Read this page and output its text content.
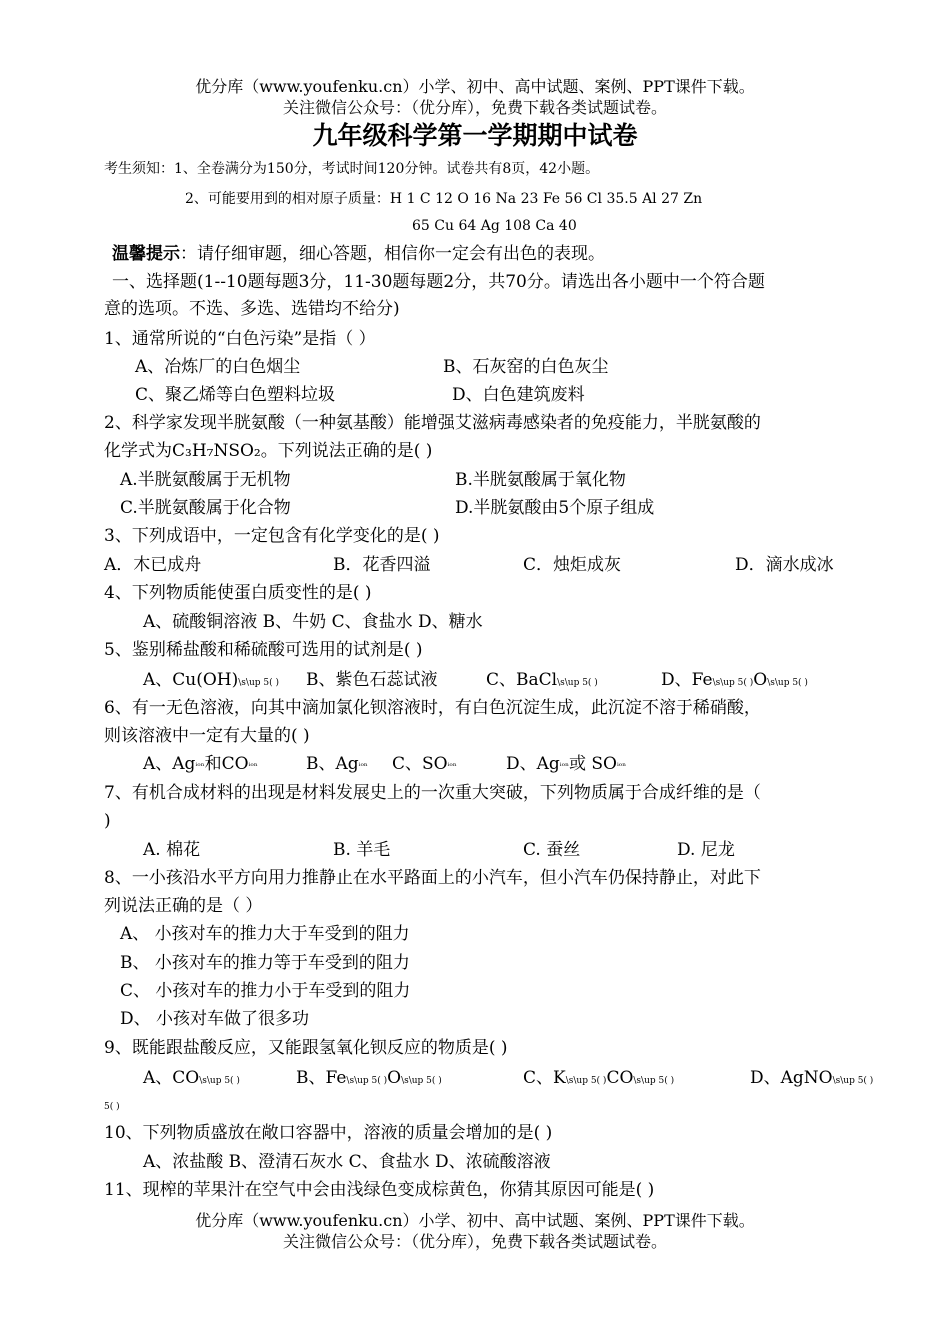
优分库（www.youfenku.cn）小学、初中、高中试题、案例、PPT课件下载。
关注微信公众号：（优分库），免费下载各类试题试卷。
九年级科学第一学期期中试卷
考生须知：1、全卷满分为150分，考试时间120分钟。试卷共有8页，42小题。
2、可能要用到的相对原子质量：H 1 C 12 O 16 Na 23 Fe 56 Cl 35.5 Al 27 Zn
65 Cu 64 Ag 108 Ca 40
温馨提示：请仔细审题，细心答题，相信你一定会有出色的表现。
一、选择题(1--10题每题3分，11-30题每题2分，共70分。请选出各小题中一个符合题
意的选项。不选、多选、选错均不给分)
1、通常所说的“白色污染”是指（ ）
A、冶炼厂的白色烟尘	B、石灰窑的白色灰尘
C、聚乙烯等白色塑料垃圾	D、白色建筑废料
2、科学家发现半胱氨酸（一种氨基酸）能增强艾滋病毒感染者的免疫能力，半胱氨酸的
化学式为C₃H₇NSO₂。下列说法正确的是( )
A.半胱氨酸属于无机物	B.半胱氨酸属于氧化物
C.半胱氨酸属于化合物	D.半胱氨酸由5个原子组成
3、下列成语中，一定包含有化学变化的是( )
A．木已成舟	B．花香四溢	C．烛炬成灰	D．滴水成冰
4、下列物质能使蛋白质变性的是( )
A、硫酸铜溶液 B、牛奶 C、食盐水 D、糖水
5、鉴别稀盐酸和稀硫酸可选用的试剂是( )
A、Cu(OH)\s\up 5( ) B、紫色石蕊试液	C、BaCl\s\up 5( )	D、Fe\s\up 5( )O\s\up 5( )
6、有一无色溶液，向其中滴加氯化钡溶液时，有白色沉淀生成，此沉淀不溶于稀硝酸，
则该溶液中一定有大量的( )
A、Agⁱᵒⁿ和COⁱᵒⁿ	B、Agⁱᵒⁿ C、SOⁱᵒⁿ	D、Agⁱᵒⁿ或 SOⁱᵒⁿ
7、有机合成材料的出现是材料发展史上的一次重大突破，下列物质属于合成纤维的是（
)
A. 棉花	B. 羊毛	C. 蚕丝	D. 尼龙
8、一小孩沿水平方向用力推静止在水平路面上的小汽车，但小汽车仍保持静止，对此下
列说法正确的是（ ）
A、 小孩对车的推力大于车受到的阻力
B、 小孩对车的推力等于车受到的阻力
C、 小孩对车的推力小于车受到的阻力
D、 小孩对车做了很多功
9、既能跟盐酸反应，又能跟氢氧化钡反应的物质是( )
A、CO\s\up 5( )	B、Fe\s\up 5( )O\s\up 5( )	C、K\s\up 5( )CO\s\up 5( )	D、AgNO\s\up 5( )
5( )
10、下列物质盛放在敞口容器中，溶液的质量会增加的是( )
A、浓盐酸 B、澄清石灰水 C、食盐水 D、浓硫酸溶液
11、现榨的苹果汁在空气中会由浅绿色变成棕黄色，你猜其原因可能是( )
优分库（www.youfenku.cn）小学、初中、高中试题、案例、PPT课件下载。
关注微信公众号：（优分库），免费下载各类试题试卷。
